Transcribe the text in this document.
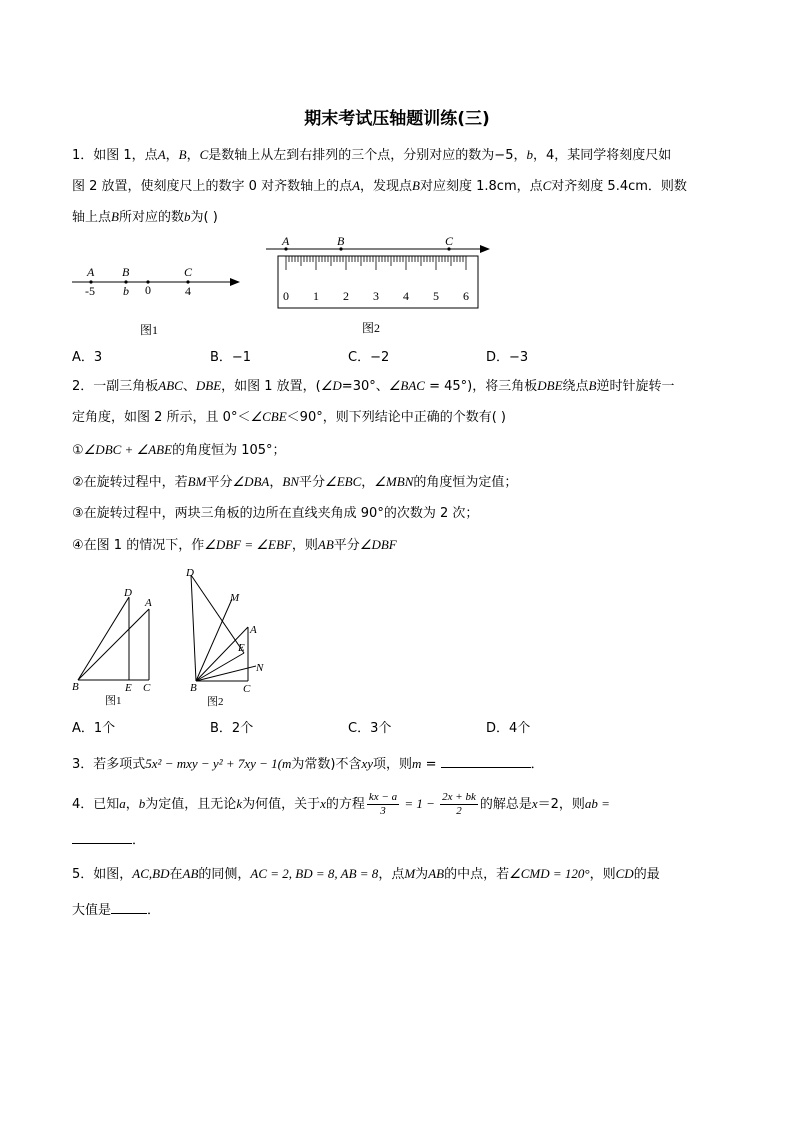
期末考试压轴题训练(三)
1．如图 1，点A，B，C是数轴上从左到右排列的三个点，分别对应的数为−5，b，4，某同学将刻度尺如
图 2 放置，使刻度尺上的数字 0 对齐数轴上的点A，发现点B对应刻度 1.8cm，点C对齐刻度 5.4cm．则数
轴上点B所对应的数b为( )
A B	C
-5 b 0	4
图1
A	B	C
0 1 2 3 4 5 6
图2
A．3	B．−1	C．−2	D．−3
2．一副三角板ABC、DBE，如图 1 放置，(∠D=30°、∠BAC = 45°)，将三角板DBE绕点B逆时针旋转一
定角度，如图 2 所示，且 0°＜∠CBE＜90°，则下列结论中正确的个数有( )
①∠DBC + ∠ABE的角度恒为 105°；
②在旋转过程中，若BM平分∠DBA，BN平分∠EBC，∠MBN的角度恒为定值；
③在旋转过程中，两块三角板的边所在直线夹角成 90°的次数为 2 次；
④在图 1 的情况下，作∠DBF = ∠EBF，则AB平分∠DBF
D
A
B	E C
图1
D
M
A
E
N
B	C
图2
A．1个	B．2个	C．3个	D．4个
3．若多项式5x² − mxy − y² + 7xy − 1(m为常数)不含xy项，则m =	．
4．已知a，b为定值，且无论k为何值，关于x的方程 $\frac{kx - a}{3} = 1 - \frac{2x + bk}{2}$ 的解总是x＝2，则ab =
．
5．如图，AC,BD在AB的同侧，AC = 2, BD = 8, AB = 8，点M为AB的中点，若∠CMD = 120°，则CD的最
大值是	．
